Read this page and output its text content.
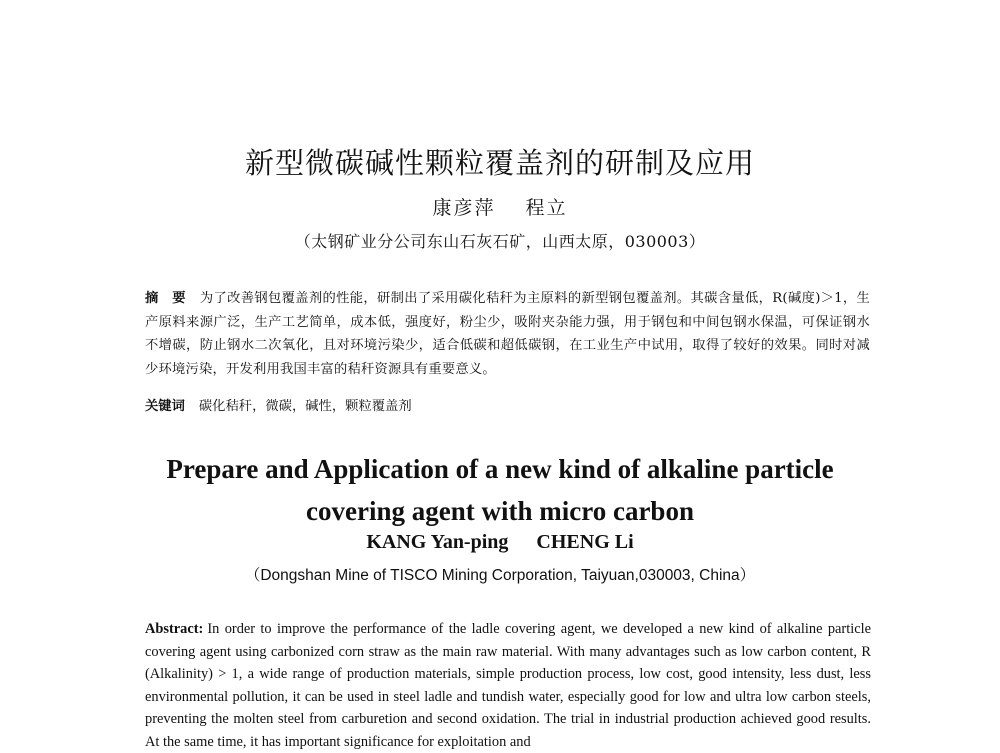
新型微碳碱性颗粒覆盖剂的研制及应用
康彦萍 程立
（太钢矿业分公司东山石灰石矿，山西太原，030003）
摘　要 为了改善钢包覆盖剂的性能，研制出了采用碳化秸秆为主原料的新型钢包覆盖剂。其碳含量低，R(碱度)＞1，生产原料来源广泛，生产工艺简单，成本低，强度好，粉尘少，吸附夹杂能力强，用于钢包和中间包钢水保温，可保证钢水不增碳，防止钢水二次氧化，且对环境污染少，适合低碳和超低碳钢，在工业生产中试用，取得了较好的效果。同时对减少环境污染，开发利用我国丰富的秸秆资源具有重要意义。
关键词 碳化秸秆，微碳，碱性，颗粒覆盖剂
Prepare and Application of a new kind of alkaline particle
covering agent with micro carbon
KANG Yan-ping CHENG Li
（Dongshan Mine of TISCO Mining Corporation, Taiyuan,030003, China）
Abstract: In order to improve the performance of the ladle covering agent, we developed a new kind of alkaline particle covering agent using carbonized corn straw as the main raw material. With many advantages such as low carbon content, R (Alkalinity) > 1, a wide range of production materials, simple production process, low cost, good intensity, less dust, less environmental pollution, it can be used in steel ladle and tundish water, especially good for low and ultra low carbon steels, preventing the molten steel from carburetion and second oxidation. The trial in industrial production achieved good results. At the same time, it has important significance for exploitation and
